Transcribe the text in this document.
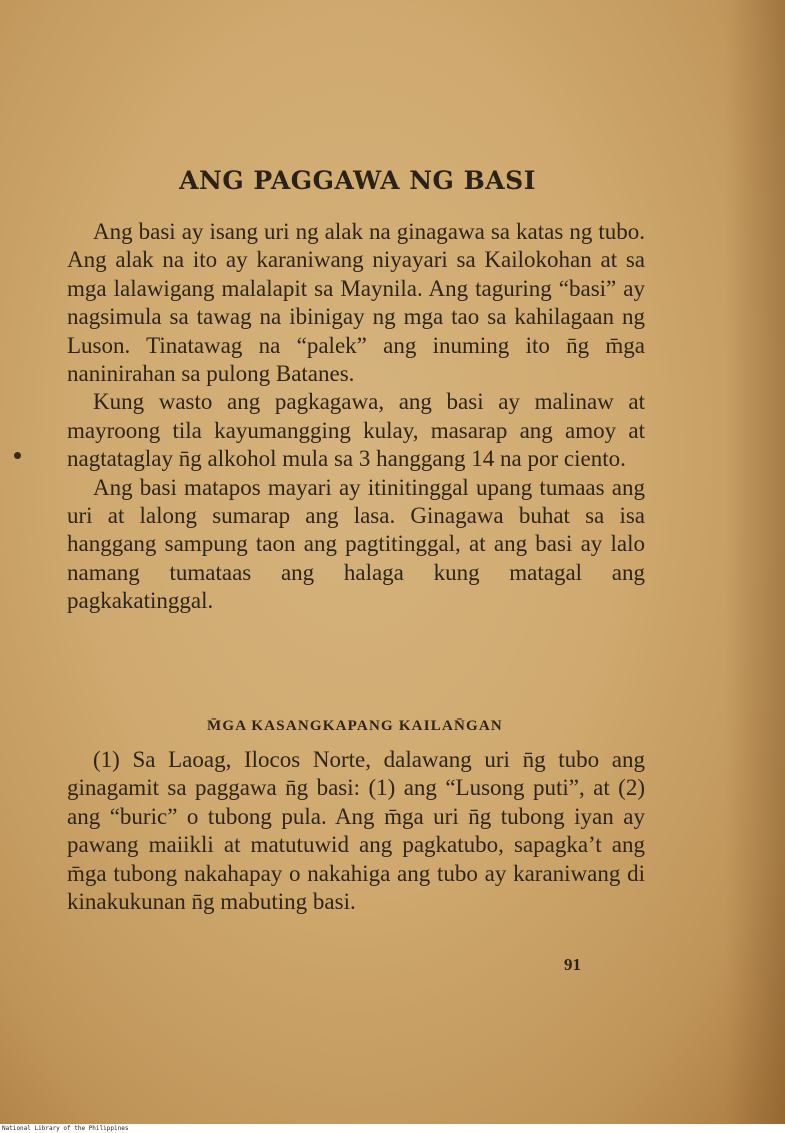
ANG PAGGAWA NG BASI

Ang basi ay isang uri ng alak na ginagawa sa katas ng tubo. Ang alak na ito ay karaniwang niyayari sa Kailokohan at sa mga lalawigang malalapit sa Maynila. Ang taguring “basi” ay nagsimula sa tawag na ibinigay ng mga tao sa kahilagaan ng Luson. Tinatawag na “palek” ang inuming ito n̄g m̄ga naninirahan sa pulong Batanes.

Kung wasto ang pagkagawa, ang basi ay malinaw at mayroong tila kayumangging kulay, masarap ang amoy at nagtataglay n̄g alkohol mula sa 3 hanggang 14 na por ciento.

Ang basi matapos mayari ay itinitinggal upang tumaas ang uri at lalong sumarap ang lasa. Ginagawa buhat sa isa hanggang sampung taon ang pagtitinggal, at ang basi ay lalo namang tumataas ang halaga kung matagal ang pagkakatinggal.

M̄GA KASANGKAPANG KAILAN̄GAN

(1) Sa Laoag, Ilocos Norte, dalawang uri n̄g tubo ang ginagamit sa paggawa n̄g basi: (1) ang “Lusong puti”, at (2) ang “buric” o tubong pula. Ang m̄ga uri n̄g tubong iyan ay pawang maiikli at matutuwid ang pagkatubo, sapagka’t ang m̄ga tubong nakahapay o nakahiga ang tubo ay karaniwang di kinakukunan n̄g mabuting basi.

91
National Library of the Philippines
